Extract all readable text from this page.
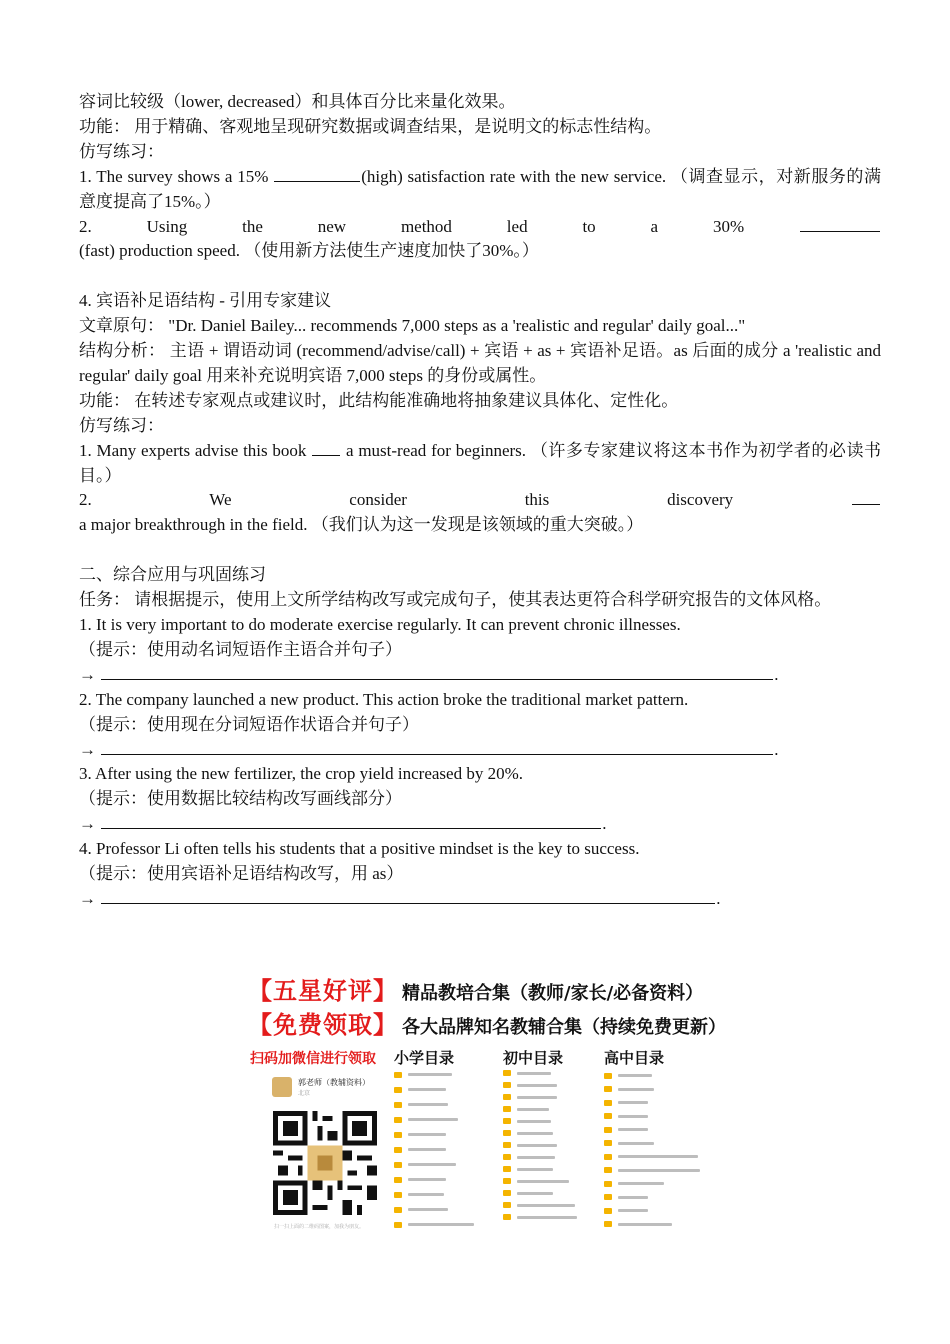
容词比较级（lower, decreased）和具体百分比来量化效果。
功能： 用于精确、客观地呈现研究数据或调查结果，是说明文的标志性结构。
仿写练习：
1. The survey shows a 15%	(high) satisfaction rate with the new service. （调查显示，对新服务的满意度提高了15%。）
2. Using the new method led to a 30% (fast) production speed. （使用新方法使生产速度加快了30%。）
4. 宾语补足语结构 - 引用专家建议
文章原句： "Dr. Daniel Bailey... recommends 7,000 steps as a 'realistic and regular' daily goal..."
结构分析： 主语 + 谓语动词 (recommend/advise/call) + 宾语 + as + 宾语补足语。as 后面的成分 a 'realistic and regular' daily goal 用来补充说明宾语 7,000 steps 的身份或属性。
功能： 在转述专家观点或建议时，此结构能准确地将抽象建议具体化、定性化。
仿写练习：
1. Many experts advise this book  a must-read for beginners. （许多专家建议将这本书作为初学者的必读书目。）
2. We consider this discovery  a major breakthrough in the field. （我们认为这一发现是该领域的重大突破。）
二、综合应用与巩固练习
任务： 请根据提示，使用上文所学结构改写或完成句子，使其表达更符合科学研究报告的文体风格。
1. It is very important to do moderate exercise regularly. It can prevent chronic illnesses.
（提示：使用动名词短语作主语合并句子）
→	.
2. The company launched a new product. This action broke the traditional market pattern.
（提示：使用现在分词短语作状语合并句子）
→	.
3. After using the new fertilizer, the crop yield increased by 20%.
（提示：使用数据比较结构改写画线部分）
→	.
4. Professor Li often tells his students that a positive mindset is the key to success.
（提示：使用宾语补足语结构改写，用 as）
→	.
【五星好评】 精品教培合集（教师/家长/必备资料）
【免费领取】 各大品牌知名教辅合集（持续免费更新）
扫码加微信进行领取 小学目录	初中目录	高中目录
郭老师（教辅资料）
北京
扫一扫上面的二维码图案，加我为朋友。
